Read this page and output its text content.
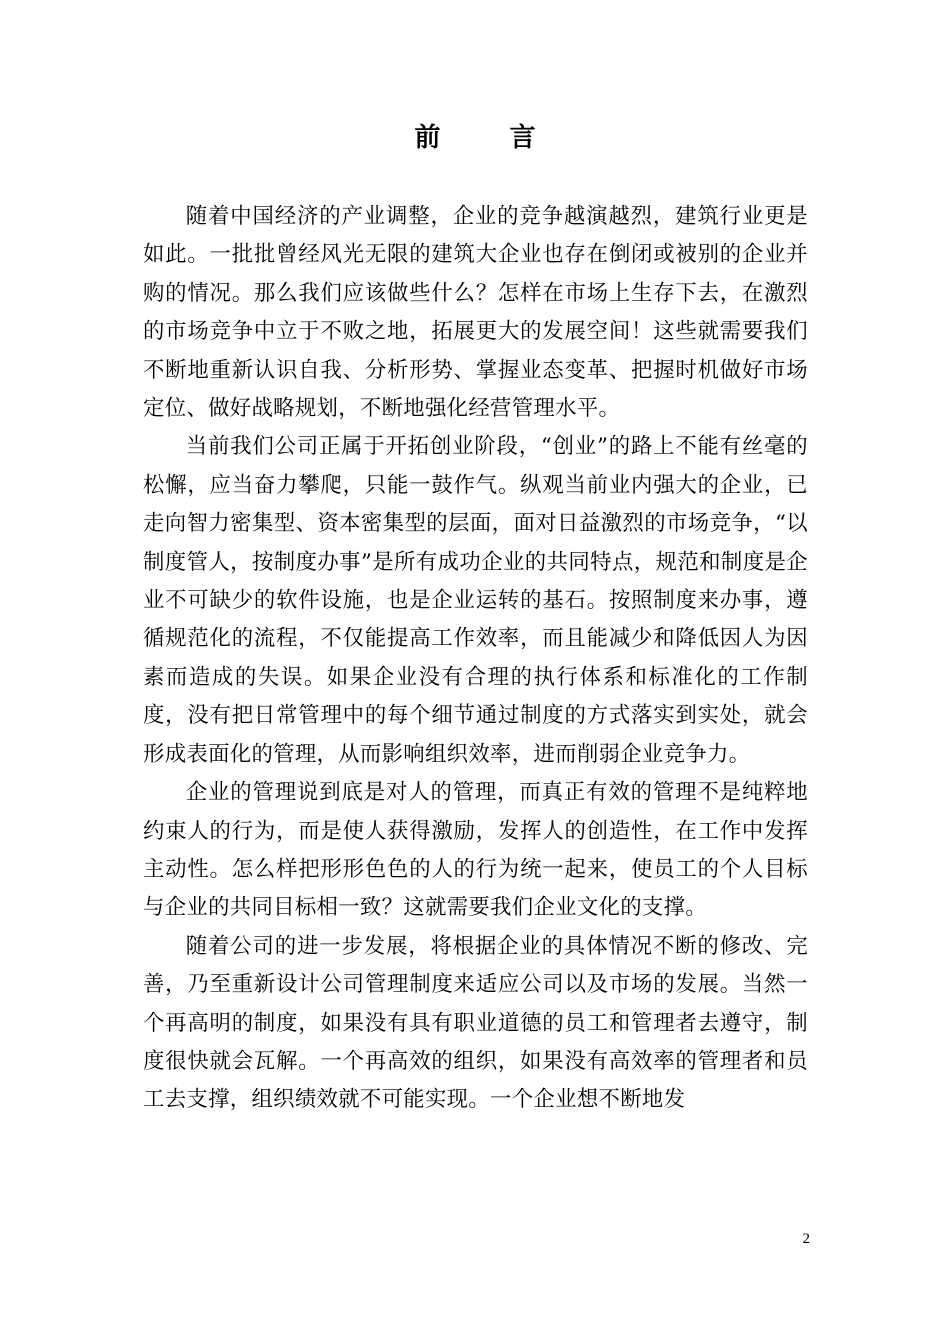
前 言

随着中国经济的产业调整，企业的竞争越演越烈，建筑行业更是如此。一批批曾经风光无限的建筑大企业也存在倒闭或被别的企业并购的情况。那么我们应该做些什么？怎样在市场上生存下去，在激烈的市场竞争中立于不败之地，拓展更大的发展空间！这些就需要我们不断地重新认识自我、分析形势、掌握业态变革、把握时机做好市场定位、做好战略规划，不断地强化经营管理水平。

当前我们公司正属于开拓创业阶段，“创业”的路上不能有丝毫的松懈，应当奋力攀爬，只能一鼓作气。纵观当前业内强大的企业，已走向智力密集型、资本密集型的层面，面对日益激烈的市场竞争，“以制度管人，按制度办事”是所有成功企业的共同特点，规范和制度是企业不可缺少的软件设施，也是企业运转的基石。按照制度来办事，遵循规范化的流程，不仅能提高工作效率，而且能减少和降低因人为因素而造成的失误。如果企业没有合理的执行体系和标准化的工作制度，没有把日常管理中的每个细节通过制度的方式落实到实处，就会形成表面化的管理，从而影响组织效率，进而削弱企业竞争力。

企业的管理说到底是对人的管理，而真正有效的管理不是纯粹地约束人的行为，而是使人获得激励，发挥人的创造性，在工作中发挥主动性。怎么样把形形色色的人的行为统一起来，使员工的个人目标与企业的共同目标相一致？这就需要我们企业文化的支撑。

随着公司的进一步发展，将根据企业的具体情况不断的修改、完善，乃至重新设计公司管理制度来适应公司以及市场的发展。当然一个再高明的制度，如果没有具有职业道德的员工和管理者去遵守，制度很快就会瓦解。一个再高效的组织，如果没有高效率的管理者和员工去支撑，组织绩效就不可能实现。一个企业想不断地发

2
